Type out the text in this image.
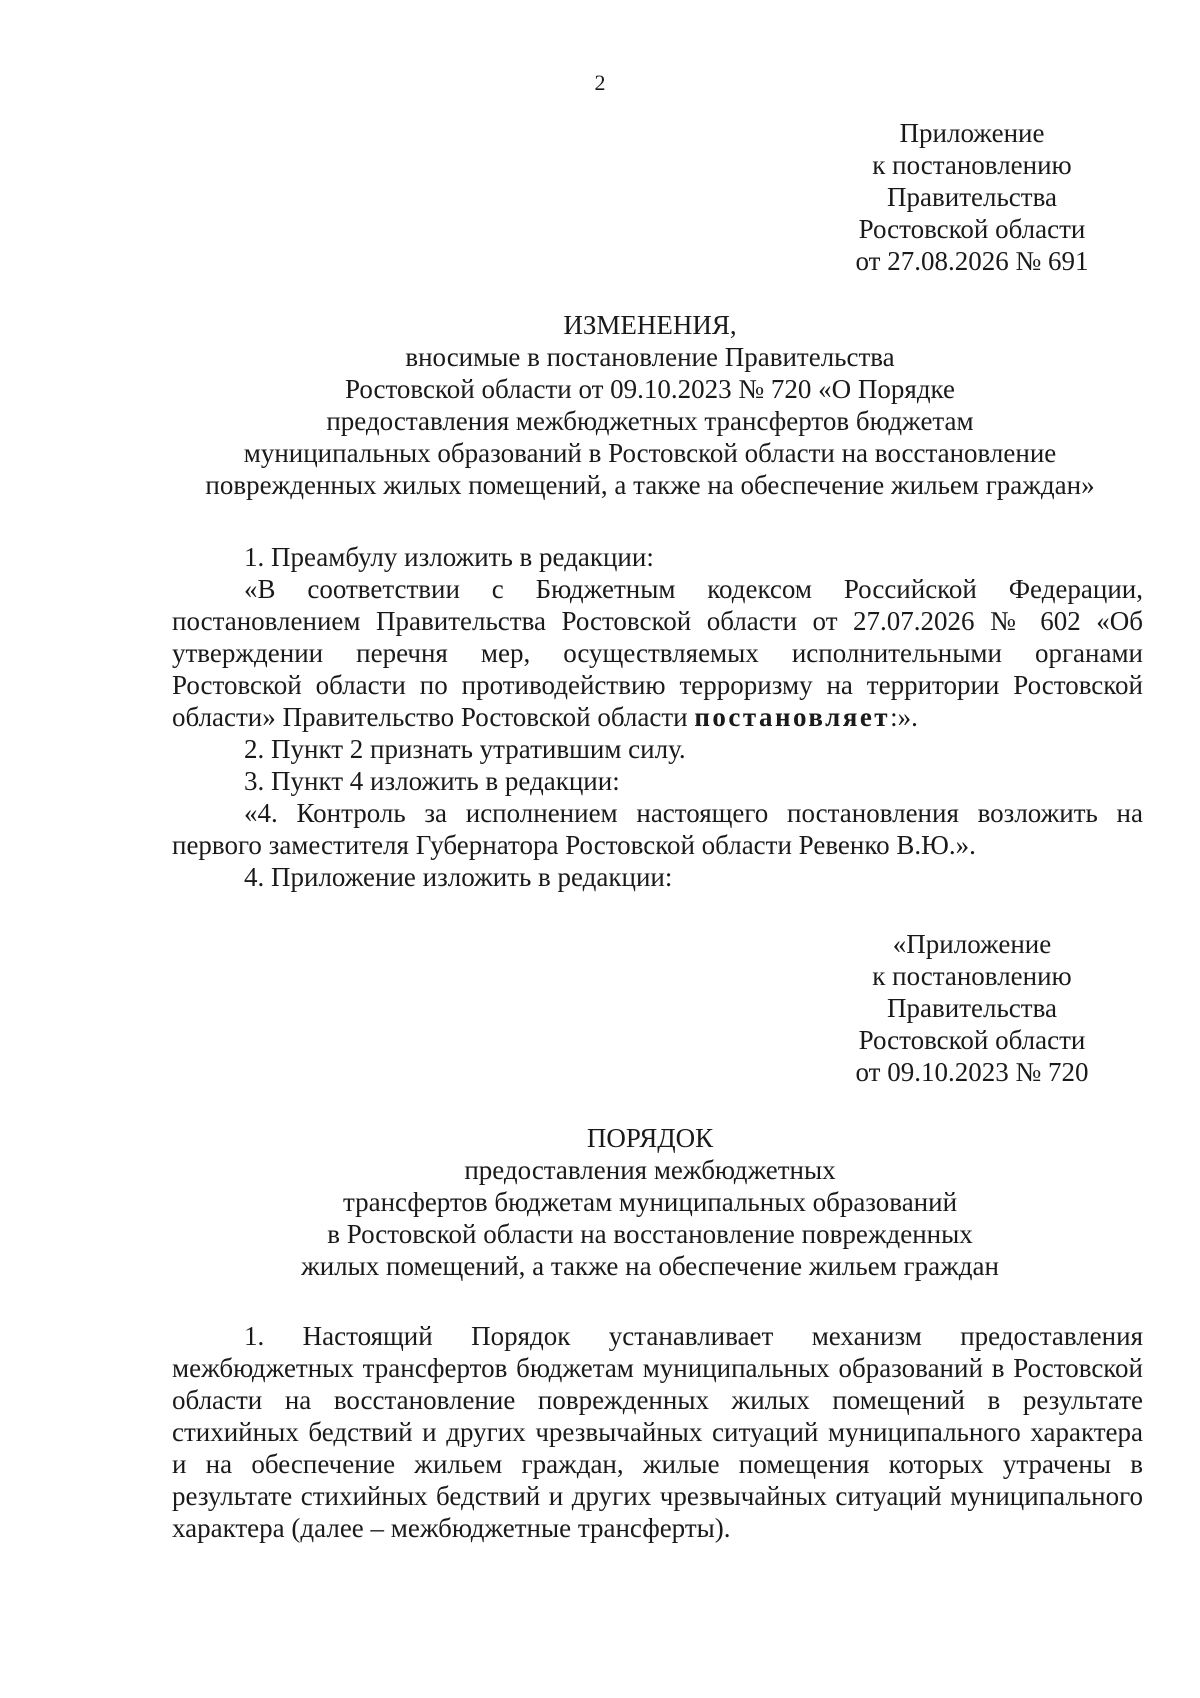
2
Приложение
к постановлению
Правительства
Ростовской области
от 27.08.2026 № 691
ИЗМЕНЕНИЯ,
вносимые в постановление Правительства
Ростовской области от 09.10.2023 № 720 «О Порядке
предоставления межбюджетных трансфертов бюджетам
муниципальных образований в Ростовской области на восстановление
поврежденных жилых помещений, а также на обеспечение жильем граждан»

1. Преамбулу изложить в редакции:

«В соответствии с Бюджетным кодексом Российской Федерации, постановлением Правительства Ростовской области от 27.07.2026 № 602 «Об утверждении перечня мер, осуществляемых исполнительными органами Ростовской области по противодействию терроризму на территории Ростовской области» Правительство Ростовской области постановляет:».

2. Пункт 2 признать утратившим силу.

3. Пункт 4 изложить в редакции:

«4. Контроль за исполнением настоящего постановления возложить на первого заместителя Губернатора Ростовской области Ревенко В.Ю.».

4. Приложение изложить в редакции:

«Приложение
к постановлению
Правительства
Ростовской области
от 09.10.2023 № 720
ПОРЯДОК
предоставления межбюджетных
трансфертов бюджетам муниципальных образований
в Ростовской области на восстановление поврежденных
жилых помещений, а также на обеспечение жильем граждан

1. Настоящий Порядок устанавливает механизм предоставления межбюджетных трансфертов бюджетам муниципальных образований в Ростовской области на восстановление поврежденных жилых помещений в результате стихийных бедствий и других чрезвычайных ситуаций муниципального характера и на обеспечение жильем граждан, жилые помещения которых утрачены в результате стихийных бедствий и других чрезвычайных ситуаций муниципального характера (далее – межбюджетные трансферты).
